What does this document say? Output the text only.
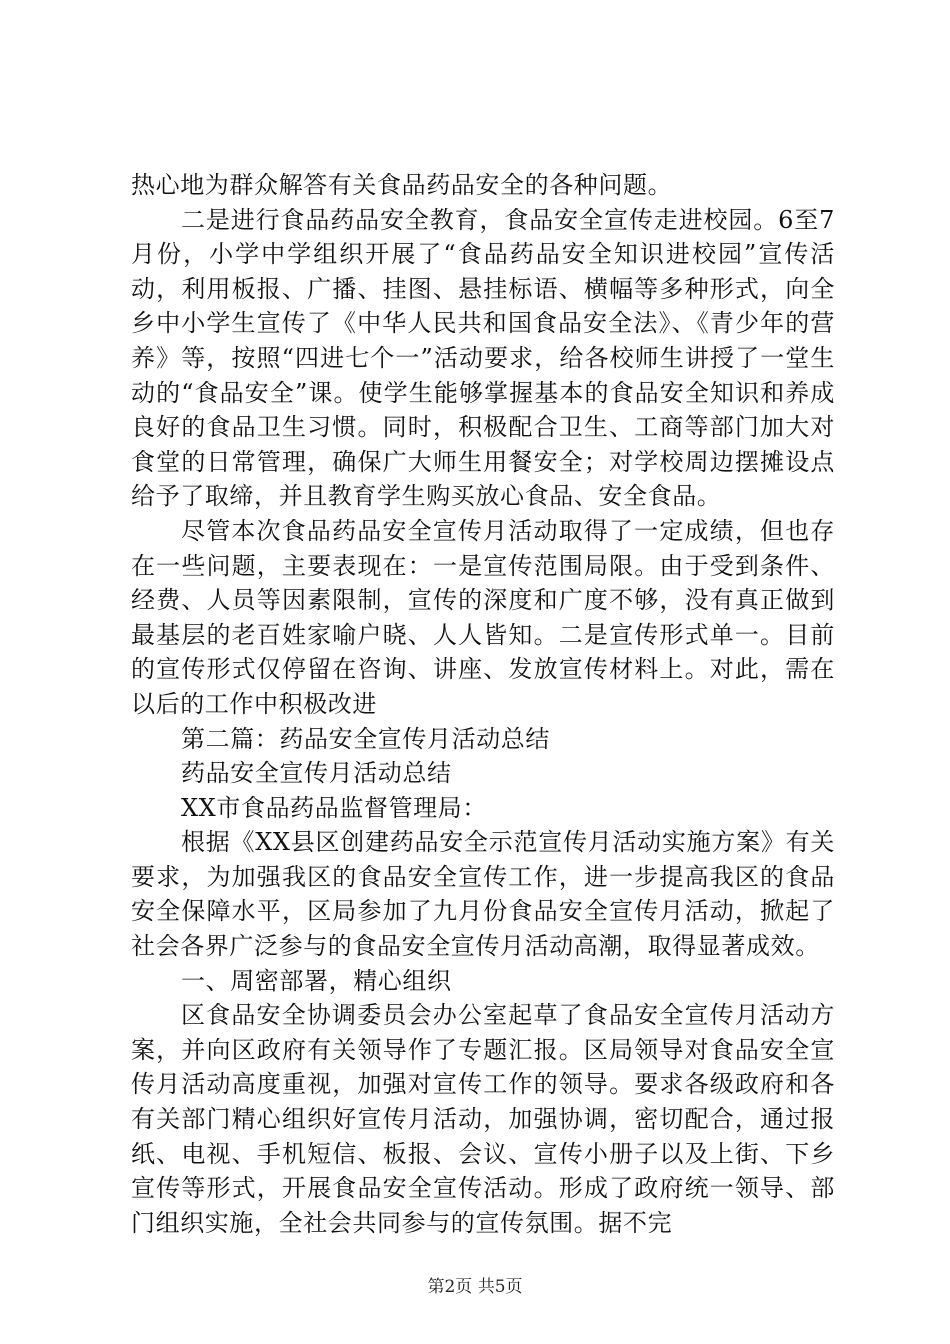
热心地为群众解答有关食品药品安全的各种问题。

二是进行食品药品安全教育，食品安全宣传走进校园。6至7月份，小学中学组织开展了“食品药品安全知识进校园”宣传活动，利用板报、广播、挂图、悬挂标语、横幅等多种形式，向全乡中小学生宣传了《中华人民共和国食品安全法》、《青少年的营养》等，按照“四进七个一”活动要求，给各校师生讲授了一堂生动的“食品安全”课。使学生能够掌握基本的食品安全知识和养成良好的食品卫生习惯。同时，积极配合卫生、工商等部门加大对食堂的日常管理，确保广大师生用餐安全；对学校周边摆摊设点给予了取缔，并且教育学生购买放心食品、安全食品。

尽管本次食品药品安全宣传月活动取得了一定成绩，但也存在一些问题，主要表现在：一是宣传范围局限。由于受到条件、经费、人员等因素限制，宣传的深度和广度不够，没有真正做到最基层的老百姓家喻户晓、人人皆知。二是宣传形式单一。目前的宣传形式仅停留在咨询、讲座、发放宣传材料上。对此，需在以后的工作中积极改进

第二篇：药品安全宣传月活动总结

药品安全宣传月活动总结

XX市食品药品监督管理局：

根据《XX县区创建药品安全示范宣传月活动实施方案》有关要求，为加强我区的食品安全宣传工作，进一步提高我区的食品安全保障水平，区局参加了九月份食品安全宣传月活动，掀起了社会各界广泛参与的食品安全宣传月活动高潮，取得显著成效。

一、周密部署，精心组织

区食品安全协调委员会办公室起草了食品安全宣传月活动方案，并向区政府有关领导作了专题汇报。区局领导对食品安全宣传月活动高度重视，加强对宣传工作的领导。要求各级政府和各有关部门精心组织好宣传月活动，加强协调，密切配合，通过报纸、电视、手机短信、板报、会议、宣传小册子以及上街、下乡宣传等形式，开展食品安全宣传活动。形成了政府统一领导、部门组织实施，全社会共同参与的宣传氛围。据不完

第2页 共5页
